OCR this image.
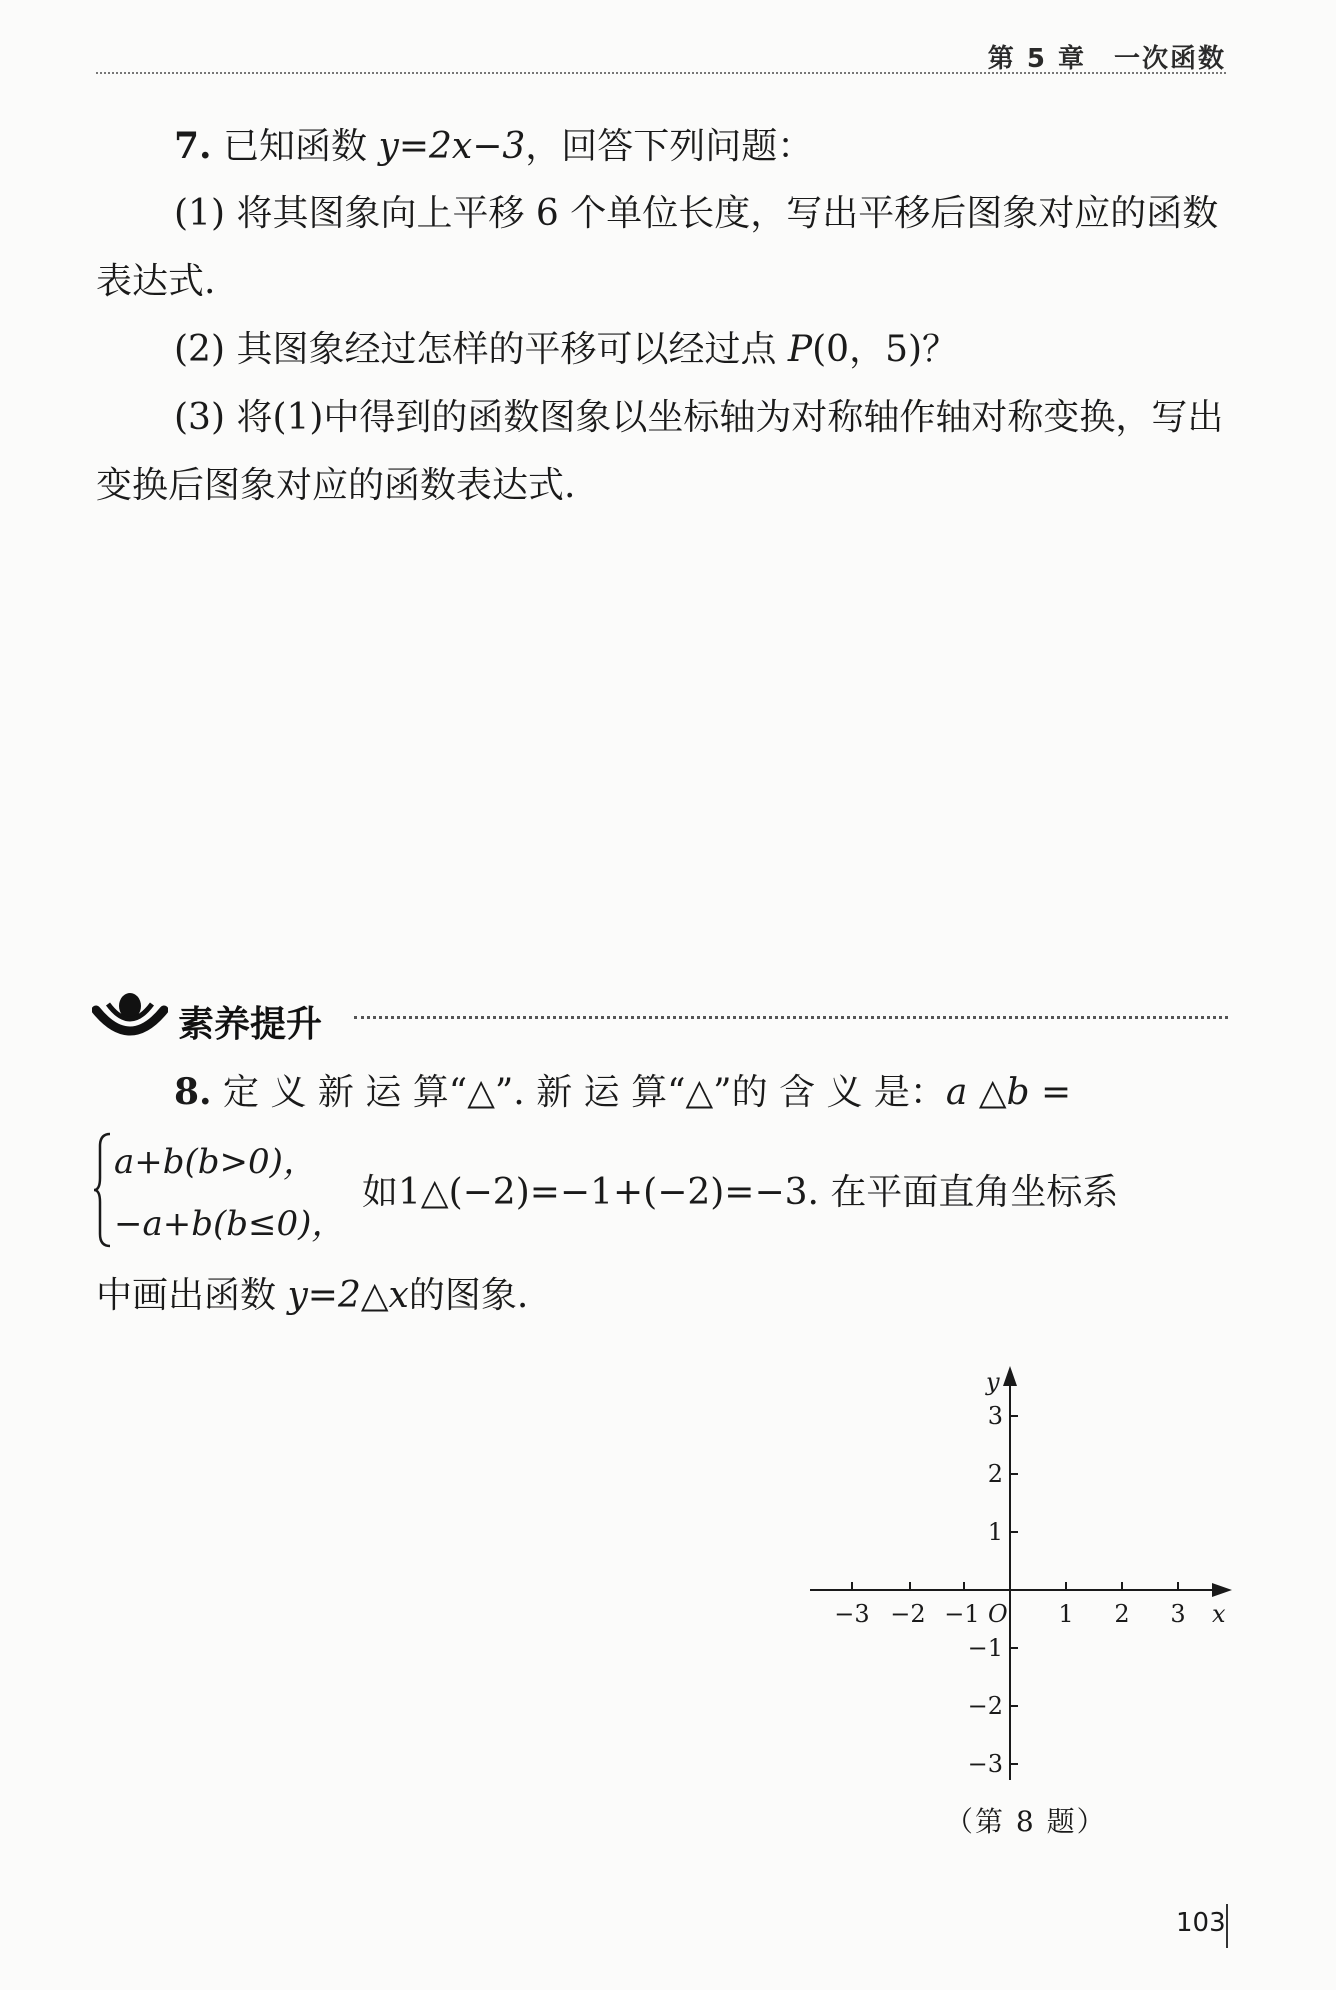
第 5 章　一次函数

7. 已知函数 y=2x−3，回答下列问题：

(1) 将其图象向上平移 6 个单位长度，写出平移后图象对应的函数表达式.

(2) 其图象经过怎样的平移可以经过点 P(0，5)？

(3) 将(1)中得到的函数图象以坐标轴为对称轴作轴对称变换，写出变换后图象对应的函数表达式.

素养提升

8. 定 义 新 运 算“△”. 新 运 算“△”的 含 义 是：a △b =

a+b(b>0)，
−a+b(b≤0)，
如1△(−2)=−1+(−2)=−3. 在平面直角坐标系

中画出函数 y=2△x的图象.

y
x
O
−3 −2 −1	1 2 3
3
2
1
−1
−2
−3
（第 8 题）
103
